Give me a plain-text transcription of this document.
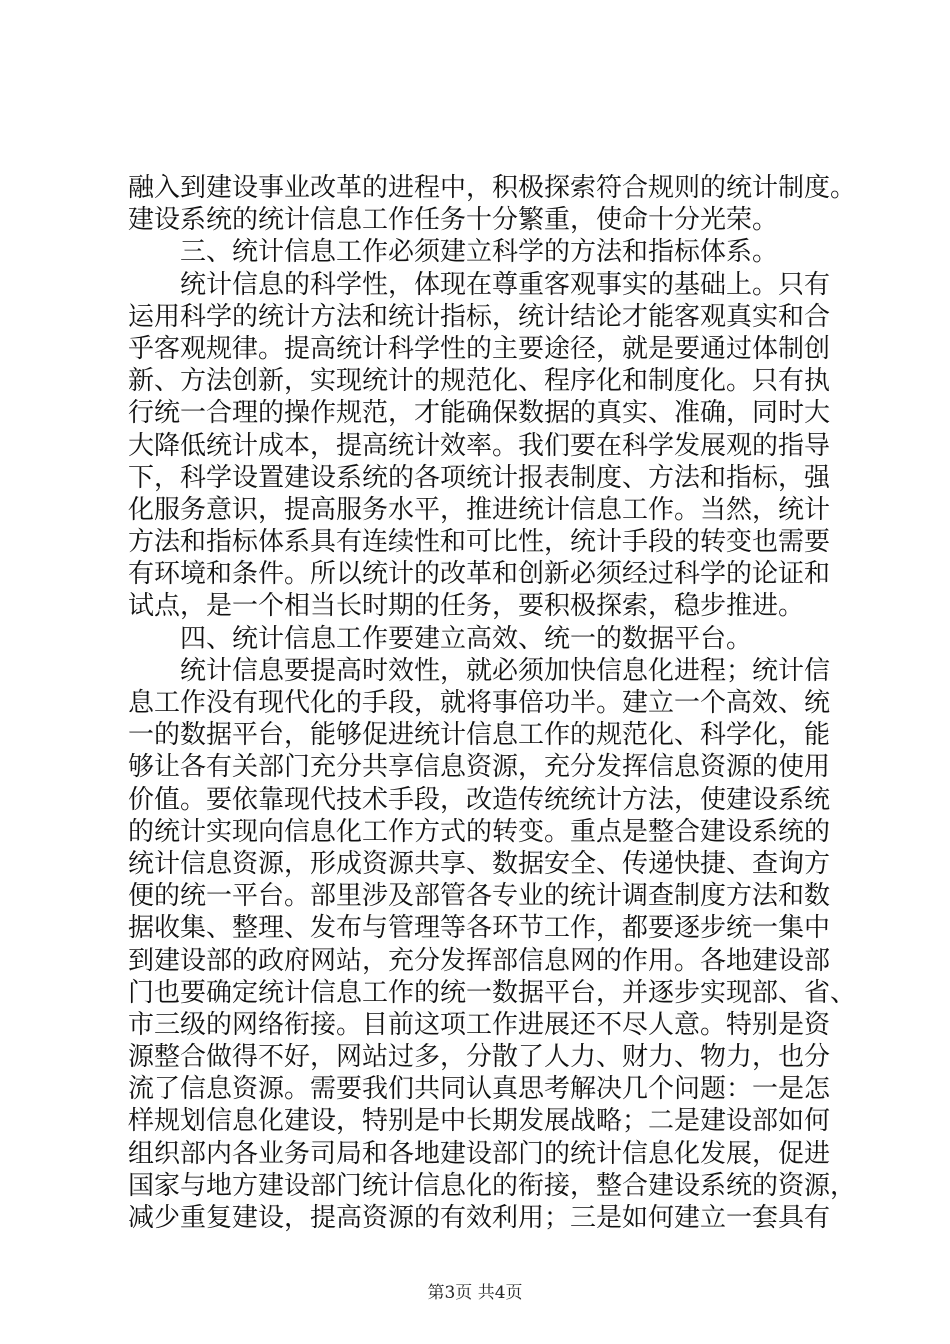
融入到建设事业改革的进程中，积极探索符合规则的统计制度。
建设系统的统计信息工作任务十分繁重，使命十分光荣。
　　三、统计信息工作必须建立科学的方法和指标体系。
　　统计信息的科学性，体现在尊重客观事实的基础上。只有
运用科学的统计方法和统计指标，统计结论才能客观真实和合
乎客观规律。提高统计科学性的主要途径，就是要通过体制创
新、方法创新，实现统计的规范化、程序化和制度化。只有执
行统一合理的操作规范，才能确保数据的真实、准确，同时大
大降低统计成本，提高统计效率。我们要在科学发展观的指导
下，科学设置建设系统的各项统计报表制度、方法和指标，强
化服务意识，提高服务水平，推进统计信息工作。当然，统计
方法和指标体系具有连续性和可比性，统计手段的转变也需要
有环境和条件。所以统计的改革和创新必须经过科学的论证和
试点，是一个相当长时期的任务，要积极探索，稳步推进。
　　四、统计信息工作要建立高效、统一的数据平台。
　　统计信息要提高时效性，就必须加快信息化进程；统计信
息工作没有现代化的手段，就将事倍功半。建立一个高效、统
一的数据平台，能够促进统计信息工作的规范化、科学化，能
够让各有关部门充分共享信息资源，充分发挥信息资源的使用
价值。要依靠现代技术手段，改造传统统计方法，使建设系统
的统计实现向信息化工作方式的转变。重点是整合建设系统的
统计信息资源，形成资源共享、数据安全、传递快捷、查询方
便的统一平台。部里涉及部管各专业的统计调查制度方法和数
据收集、整理、发布与管理等各环节工作，都要逐步统一集中
到建设部的政府网站，充分发挥部信息网的作用。各地建设部
门也要确定统计信息工作的统一数据平台，并逐步实现部、省、
市三级的网络衔接。目前这项工作进展还不尽人意。特别是资
源整合做得不好，网站过多，分散了人力、财力、物力，也分
流了信息资源。需要我们共同认真思考解决几个问题：一是怎
样规划信息化建设，特别是中长期发展战略；二是建设部如何
组织部内各业务司局和各地建设部门的统计信息化发展，促进
国家与地方建设部门统计信息化的衔接，整合建设系统的资源，
减少重复建设，提高资源的有效利用；三是如何建立一套具有
第3页 共4页
